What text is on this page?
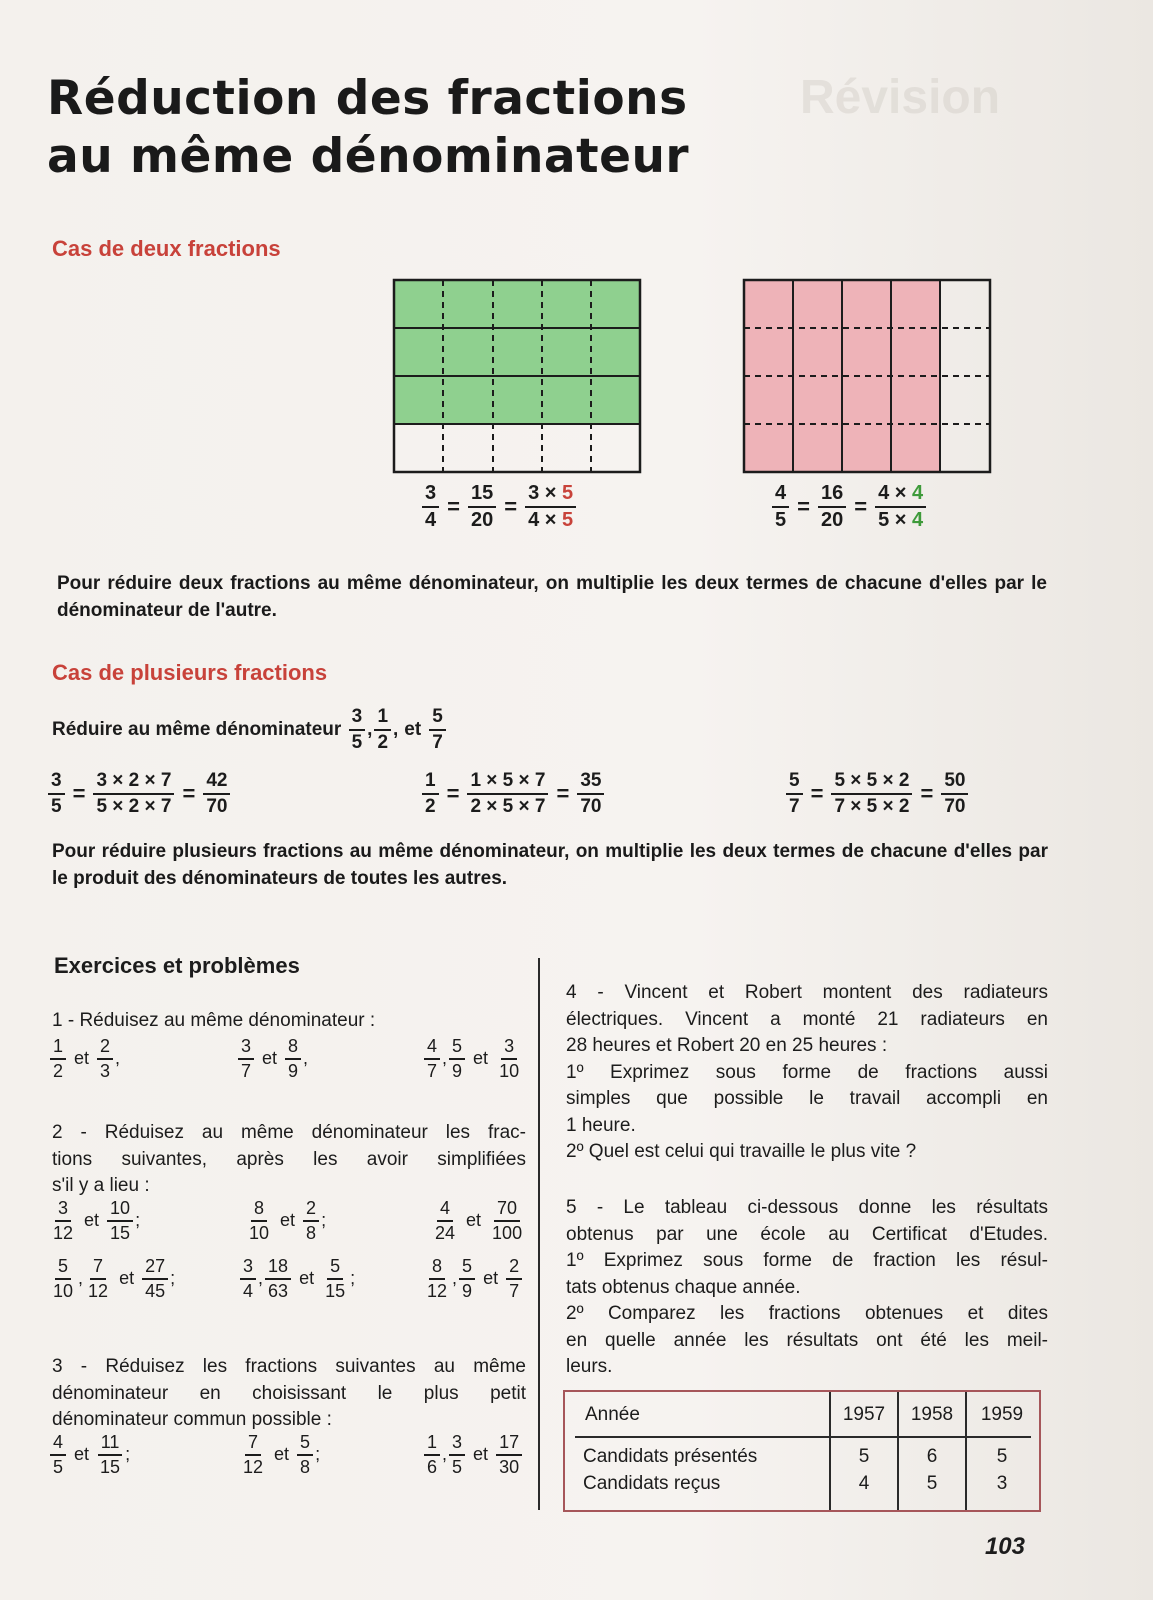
Révision
Réduction des fractions
au même dénominateur
Cas de deux fractions
$\frac{3}{4} = \frac{15}{20} = \frac{3 \times 5}{4 \times 5}$	$\frac{4}{5} = \frac{16}{20} = \frac{4 \times 4}{5 \times 4}$
Pour réduire deux fractions au même dénominateur, on multiplie les deux termes de chacune d'elles par le dénominateur de l'autre.
Cas de plusieurs fractions
Réduire au même dénominateur
$\frac{3}{5}$ , $\frac{1}{2}$ , et $\frac{5}{7}$
$\frac{3}{5} = \frac{3 \times 2 \times 7}{5 \times 2 \times 7} = \frac{42}{70}$	$\frac{1}{2} = \frac{1 \times 5 \times 7}{2 \times 5 \times 7} = \frac{35}{70}$	$\frac{5}{7} = \frac{5 \times 5 \times 2}{7 \times 5 \times 2} = \frac{50}{70}$
Pour réduire plusieurs fractions au même dénominateur, on multiplie les deux termes de chacune d'elles par le produit des dénominateurs de toutes les autres.
Exercices et problèmes
1 - Réduisez au même dénominateur :
$\frac{1}{2}$ et $\frac{2}{3}$ ,	$\frac{3}{7}$ et $\frac{8}{9}$ ,	$\frac{4}{7}$ , $\frac{5}{9}$ et $\frac{3}{10}$
2 - Réduisez au même dénominateur les frac-
tions suivantes, après les avoir simplifiées
s'il y a lieu :
$\frac{3}{12}$ et $\frac{10}{15}$ ;	$\frac{8}{10}$ et $\frac{2}{8}$ ;	$\frac{4}{24}$ et $\frac{70}{100}$
$\frac{5}{10}$ , $\frac{7}{12}$ et $\frac{27}{45}$ ;	$\frac{3}{4}$ , $\frac{18}{63}$ et $\frac{5}{15}$ ;	$\frac{8}{12}$ , $\frac{5}{9}$ et $\frac{2}{7}$
3 - Réduisez les fractions suivantes au même
dénominateur en choisissant le plus petit
dénominateur commun possible :
$\frac{4}{5}$ et $\frac{11}{15}$ ;	$\frac{7}{12}$ et $\frac{5}{8}$ ;	$\frac{1}{6}$ , $\frac{3}{5}$ et $\frac{17}{30}$
4 - Vincent et Robert montent des radiateurs
électriques. Vincent a monté 21 radiateurs en
28 heures et Robert 20 en 25 heures :
1º Exprimez sous forme de fractions aussi
simples que possible le travail accompli en
1 heure.
2º Quel est celui qui travaille le plus vite ?
5 - Le tableau ci-dessous donne les résultats
obtenus par une école au Certificat d'Etudes.
1º Exprimez sous forme de fraction les résul-
tats obtenus chaque année.
2º Comparez les fractions obtenues et dites
en quelle année les résultats ont été les meil-
leurs.
Année	1957	1958	1959
Candidats présentés	5	6	5
Candidats reçus	4	5	3
103
